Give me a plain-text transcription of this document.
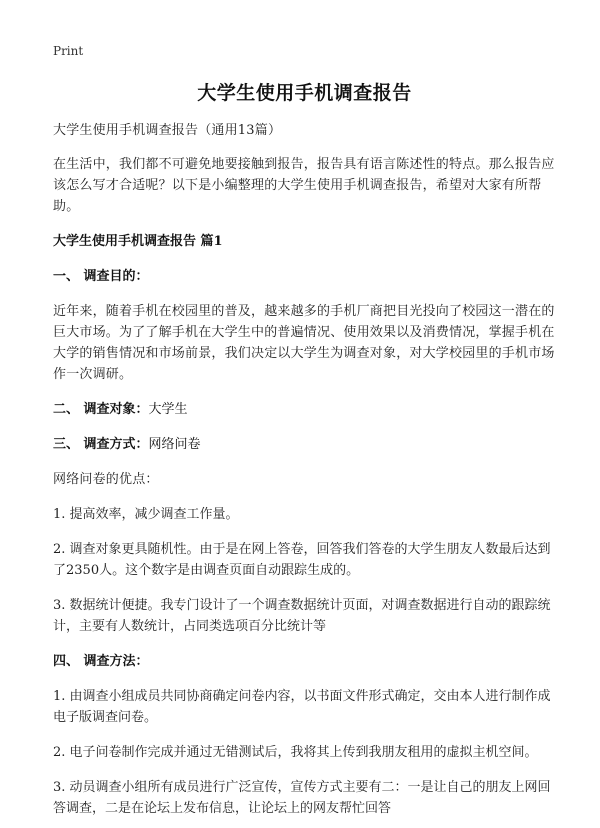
Print
大学生使用手机调查报告
大学生使用手机调查报告（通用13篇）
在生活中，我们都不可避免地要接触到报告，报告具有语言陈述性的特点。那么报告应该怎么写才合适呢？以下是小编整理的大学生使用手机调查报告，希望对大家有所帮助。
大学生使用手机调查报告 篇1
一、 调查目的：
近年来，随着手机在校园里的普及，越来越多的手机厂商把目光投向了校园这一潜在的巨大市场。为了了解手机在大学生中的普遍情况、使用效果以及消费情况，掌握手机在大学的销售情况和市场前景，我们决定以大学生为调查对象，对大学校园里的手机市场作一次调研。
二、 调查对象：大学生
三、 调查方式：网络问卷
网络问卷的优点：
1. 提高效率，减少调查工作量。
2. 调查对象更具随机性。由于是在网上答卷，回答我们答卷的大学生朋友人数最后达到了2350人。这个数字是由调查页面自动跟踪生成的。
3. 数据统计便捷。我专门设计了一个调查数据统计页面，对调查数据进行自动的跟踪统计，主要有人数统计，占同类选项百分比统计等
四、 调查方法：
1. 由调查小组成员共同协商确定问卷内容，以书面文件形式确定，交由本人进行制作成电子版调查问卷。
2. 电子问卷制作完成并通过无错测试后，我将其上传到我朋友租用的虚拟主机空间。
3. 动员调查小组所有成员进行广泛宣传，宣传方式主要有二：一是让自己的朋友上网回答调查，二是在论坛上发布信息，让论坛上的网友帮忙回答
